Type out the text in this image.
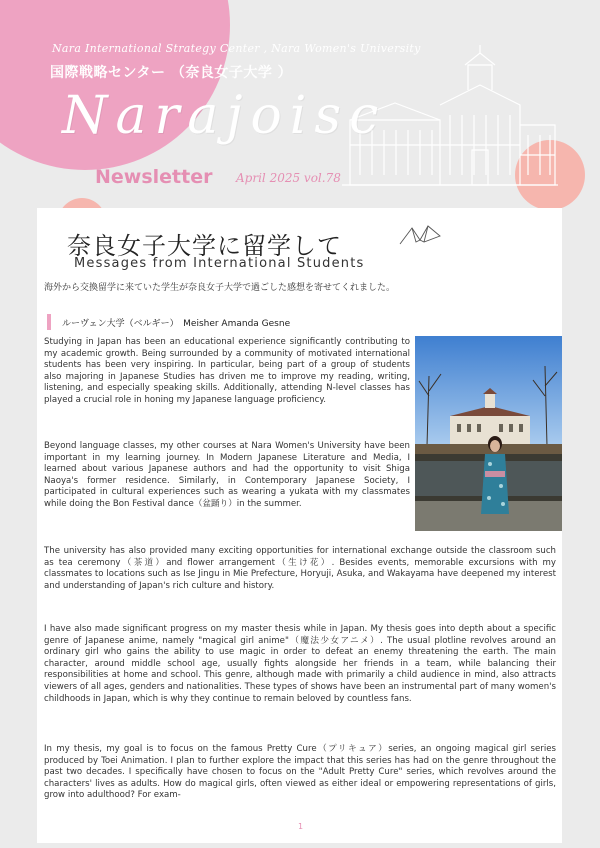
Nara International Strategy Center , Nara Women's University
国際戦略センター （奈良女子大学 ）
Narajoisc
Newsletter April 2025 vol.78
奈良女子大学に留学して
Messages from International Students
海外から交換留学に来ていた学生が奈良女子大学で過ごした感想を寄せてくれました。
ルーヴェン大学（ベルギー）　Meisher Amanda Gesne
Studying in Japan has been an educational experience significantly contributing to my academic growth. Being surrounded by a community of motivated international students has been very inspiring. In particular, being part of a group of students also majoring in Japanese Studies has driven me to improve my reading, writing, listening, and especially speaking skills. Additionally, attending N-level classes has played a crucial role in honing my Japanese language proficiency.
Beyond language classes, my other courses at Nara Women's University have been important in my learning journey. In Modern Japanese Literature and Media, I learned about various Japanese authors and had the opportunity to visit Shiga Naoya's former residence. Similarly, in Contemporary Japanese Society, I participated in cultural experiences such as wearing a yukata with my classmates while doing the Bon Festival dance（盆踊り）in the summer.
The university has also provided many exciting opportunities for international exchange outside the classroom such as tea ceremony（茶道）and flower arrangement（生け花）. Besides events, memorable excursions with my classmates to locations such as Ise Jingu in Mie Prefecture, Horyuji, Asuka, and Wakayama have deepened my interest and understanding of Japan's rich culture and history.
I have also made significant progress on my master thesis while in Japan. My thesis goes into depth about a specific genre of Japanese anime, namely "magical girl anime"（魔法少女アニメ）. The usual plotline revolves around an ordinary girl who gains the ability to use magic in order to defeat an enemy threatening the earth. The main character, around middle school age, usually fights alongside her friends in a team, while balancing their responsibilities at home and school. This genre, although made with primarily a child audience in mind, also attracts viewers of all ages, genders and nationalities. These types of shows have been an instrumental part of many women's childhoods in Japan, which is why they continue to remain beloved by countless fans.
In my thesis, my goal is to focus on the famous Pretty Cure（プリキュア）series, an ongoing magical girl series produced by Toei Animation. I plan to further explore the impact that this series has had on the genre throughout the past two decades. I specifically have chosen to focus on the "Adult Pretty Cure" series, which revolves around the characters' lives as adults. How do magical girls, often viewed as either ideal or empowering representations of girls, grow into adulthood? For exam-
1
